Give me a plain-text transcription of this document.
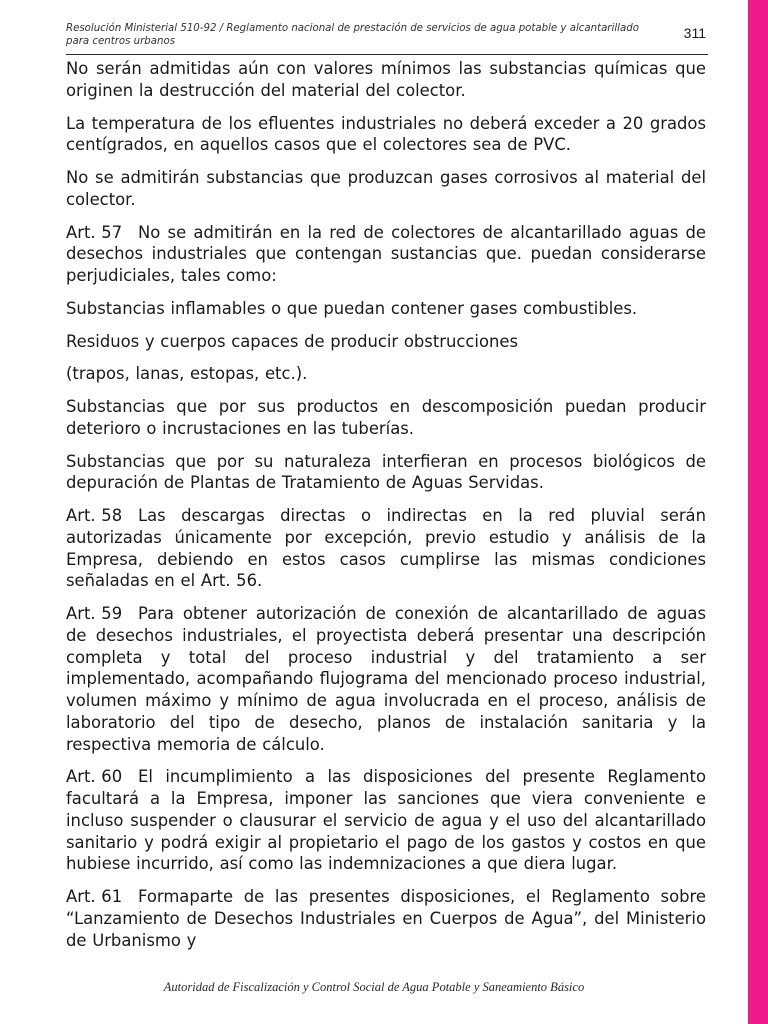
Resolución Ministerial 510-92 / Reglamento nacional de prestación de servicios de agua potable y alcantarillado para centros urbanos
311

No serán admitidas aún con valores mínimos las substancias químicas que originen la destrucción del material del colector.

La temperatura de los efluentes industriales no deberá exceder a 20 grados centígrados, en aquellos casos que el colectores sea de PVC.

No se admitirán substancias que produzcan gases corrosivos al material del colector.

Art. 57 No se admitirán en la red de colectores de alcantarillado aguas de desechos industriales que contengan sustancias que. puedan considerarse perjudiciales, tales como:

Substancias inflamables o que puedan contener gases combustibles.

Residuos y cuerpos capaces de producir obstrucciones

(trapos, lanas, estopas, etc.).

Substancias que por sus productos en descomposición puedan producir deterioro o incrustaciones en las tuberías.

Substancias que por su naturaleza interfieran en procesos biológicos de depuración de Plantas de Tratamiento de Aguas Servidas.

Art. 58 Las descargas directas o indirectas en la red pluvial serán autorizadas únicamente por excepción, previo estudio y análisis de la Empresa, debiendo en estos casos cumplirse las mismas condiciones señaladas en el Art. 56.

Art. 59 Para obtener autorización de conexión de alcantarillado de aguas de desechos industriales, el proyectista deberá presentar una descripción completa y total del proceso industrial y del tratamiento a ser implementado, acompañando flujograma del mencionado proceso industrial, volumen máximo y mínimo de agua involucrada en el proceso, análisis de laboratorio del tipo de desecho, planos de instalación sanitaria y la respectiva memoria de cálculo.

Art. 60 El incumplimiento a las disposiciones del presente Reglamento facultará a la Empresa, imponer las sanciones que viera conveniente e incluso suspender o clausurar el servicio de agua y el uso del alcantarillado sanitario y podrá exigir al propietario el pago de los gastos y costos en que hubiese incurrido, así como las indemnizaciones a que diera lugar.

Art. 61 Formaparte de las presentes disposiciones, el Reglamento sobre “Lanzamiento de Desechos Industriales en Cuerpos de Agua”, del Ministerio de Urbanismo y

Autoridad de Fiscalización y Control Social de Agua Potable y Saneamiento Básico
